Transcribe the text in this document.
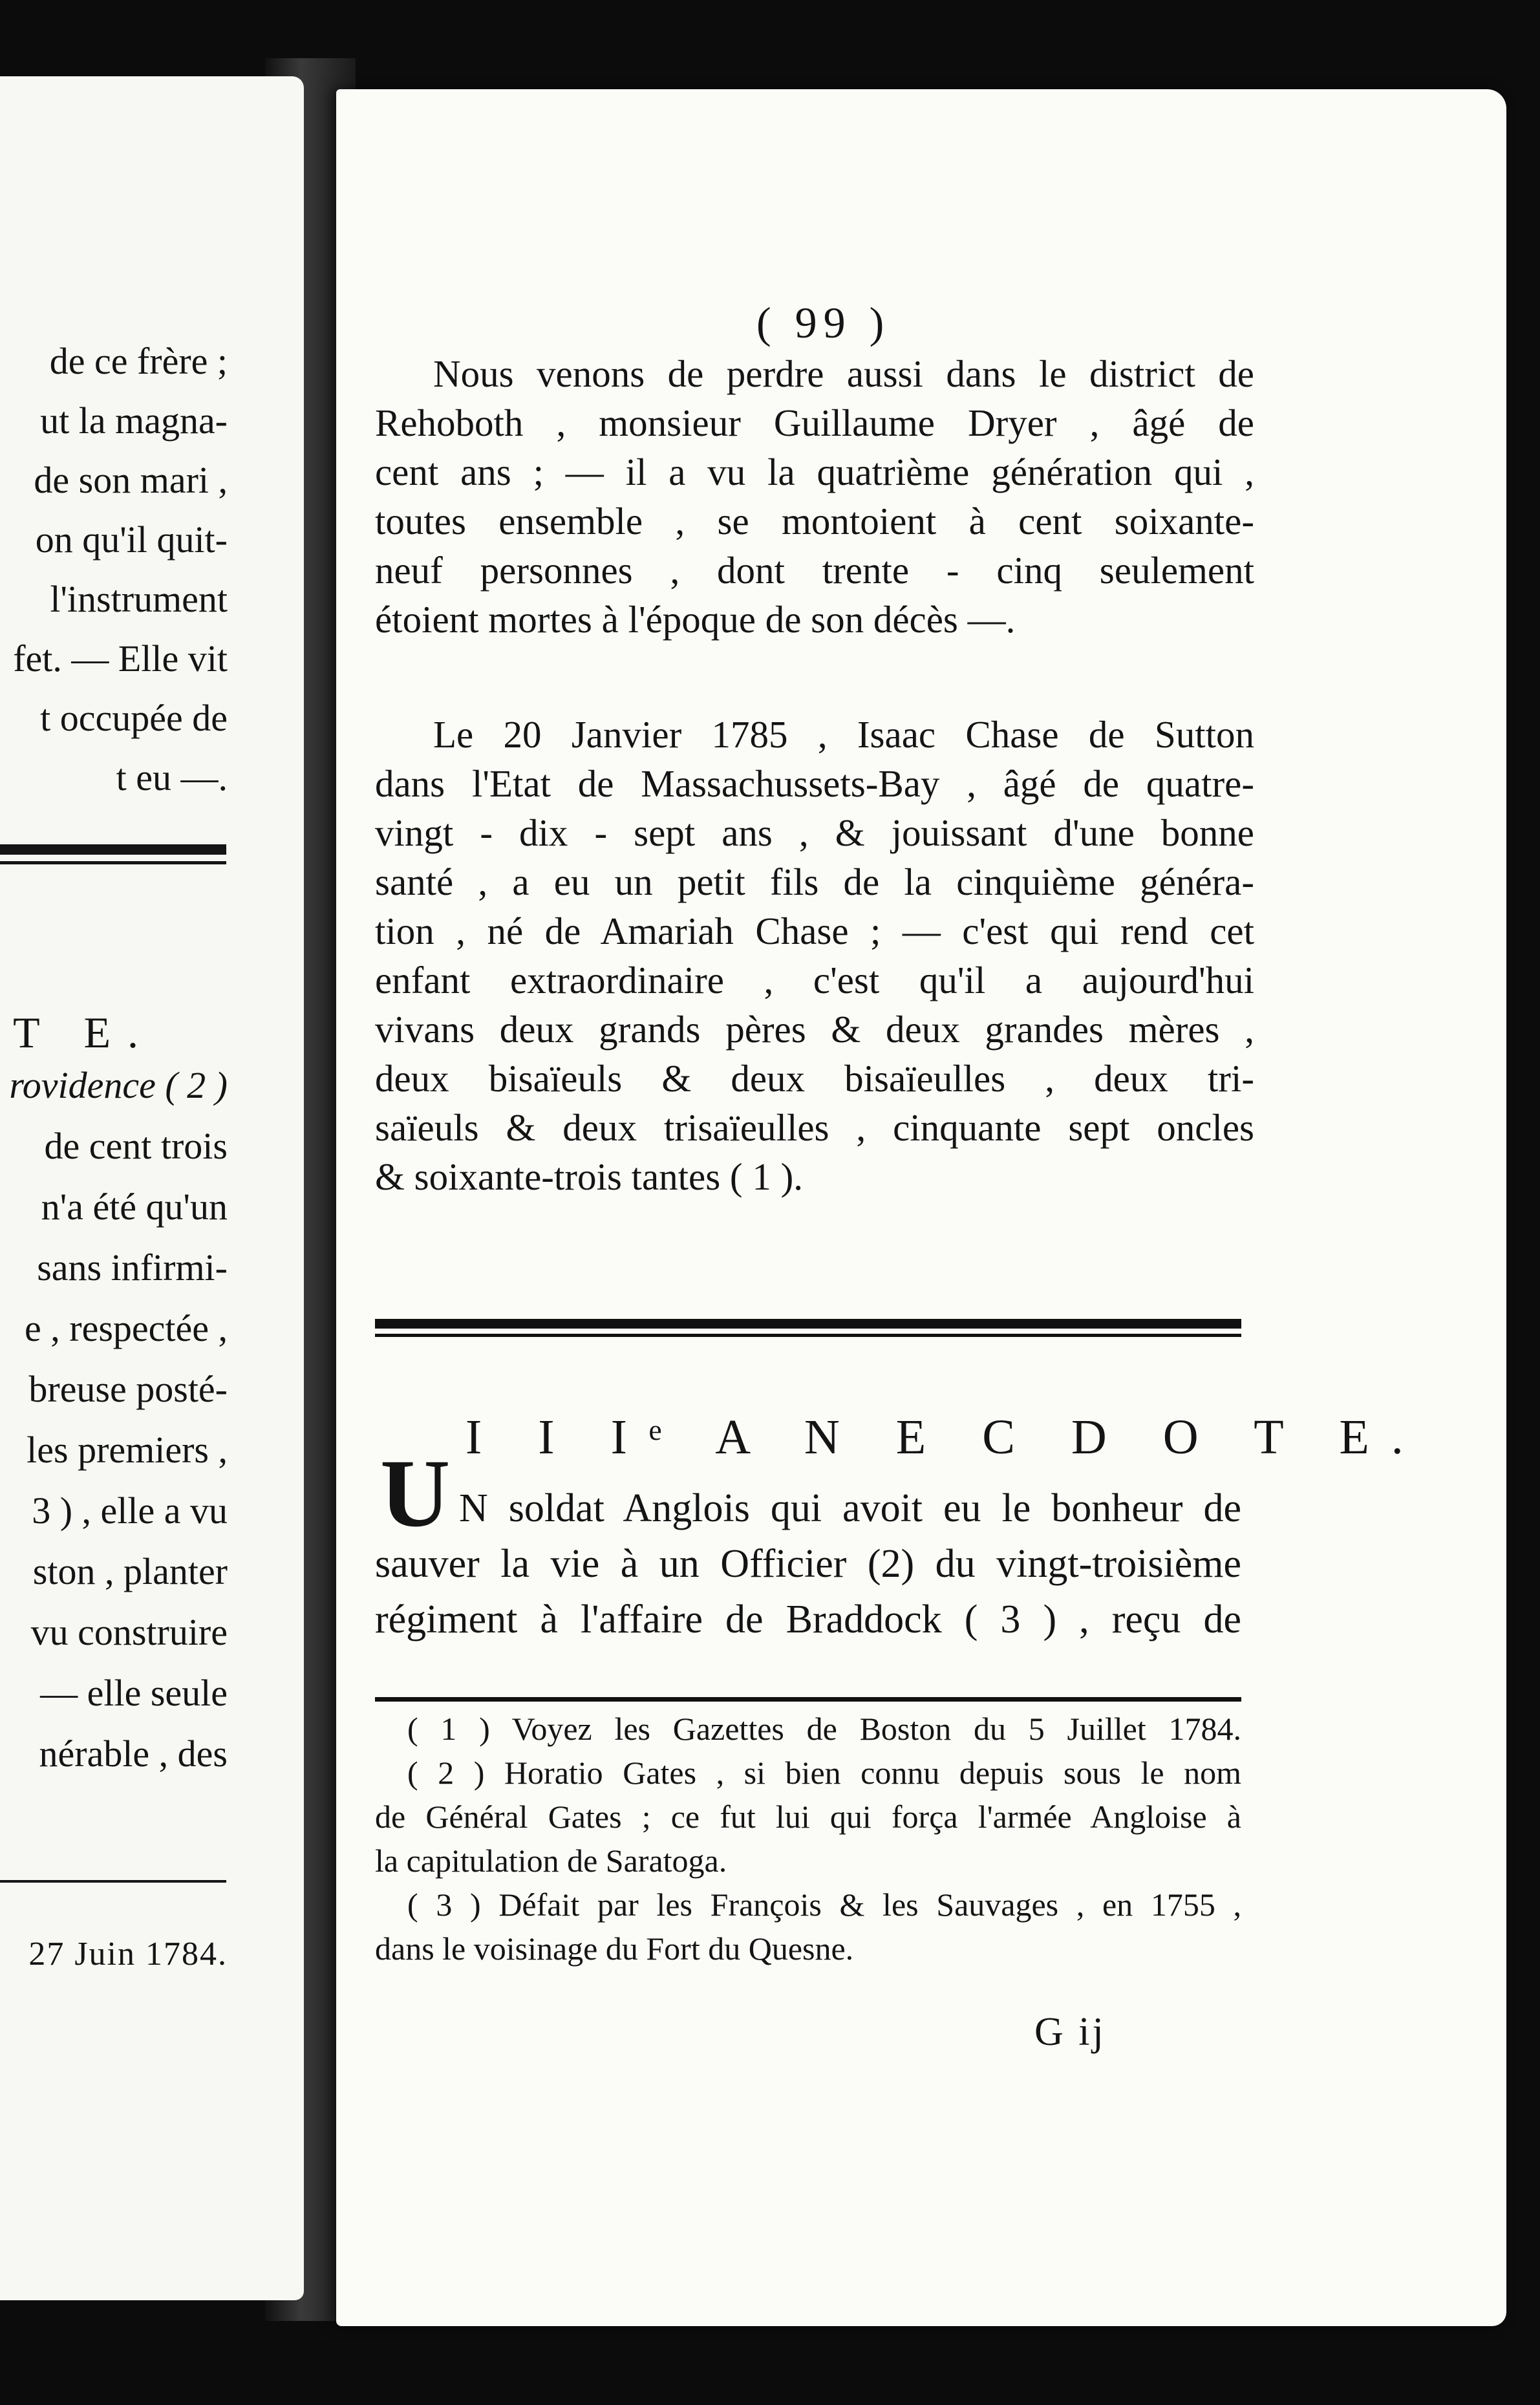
de ce frère ;

ut la magna-

de son mari ,

on qu'il quit-

l'instrument

fet. — Elle vit

t occupée de

t eu —.

T E.

rovidence ( 2 )

de cent trois

n'a été qu'un

sans infirmi-

e , respectée ,

breuse posté-

les premiers ,

3 ) , elle a vu

ston , planter

vu construire

— elle seule

nérable , des

27 Juin 1784.

( 99 )

Nous venons de perdre aussi dans le district de
Rehoboth , monsieur Guillaume Dryer , âgé de
cent ans ; — il a vu la quatrième génération qui ,
toutes ensemble , se montoient à cent soixante-
neuf personnes , dont trente - cinq seulement
étoient mortes à l'époque de son décès —.
Le 20 Janvier 1785 , Isaac Chase de Sutton
dans l'Etat de Massachussets-Bay , âgé de quatre-
vingt - dix - sept ans , & jouissant d'une bonne
santé , a eu un petit fils de la cinquième généra-
tion , né de Amariah Chase ; — c'est qui rend cet
enfant extraordinaire , c'est qu'il a aujourd'hui
vivans deux grands pères & deux grandes mères ,
deux bisaïeuls & deux bisaïeulles , deux tri-
saïeuls & deux trisaïeulles , cinquante sept oncles
& soixante-trois tantes ( 1 ).
I I Iᵉ A N E C D O T E.

U N soldat Anglois qui avoit eu le bonheur de
sauver la vie à un Officier (2) du vingt-troisième
régiment à l'affaire de Braddock ( 3 ) , reçu de
( 1 ) Voyez les Gazettes de Boston du 5 Juillet 1784.
( 2 ) Horatio Gates , si bien connu depuis sous le nom
de Général Gates ; ce fut lui qui força l'armée Angloise à
la capitulation de Saratoga.
( 3 ) Défait par les François & les Sauvages , en 1755 ,
dans le voisinage du Fort du Quesne.

G ij
